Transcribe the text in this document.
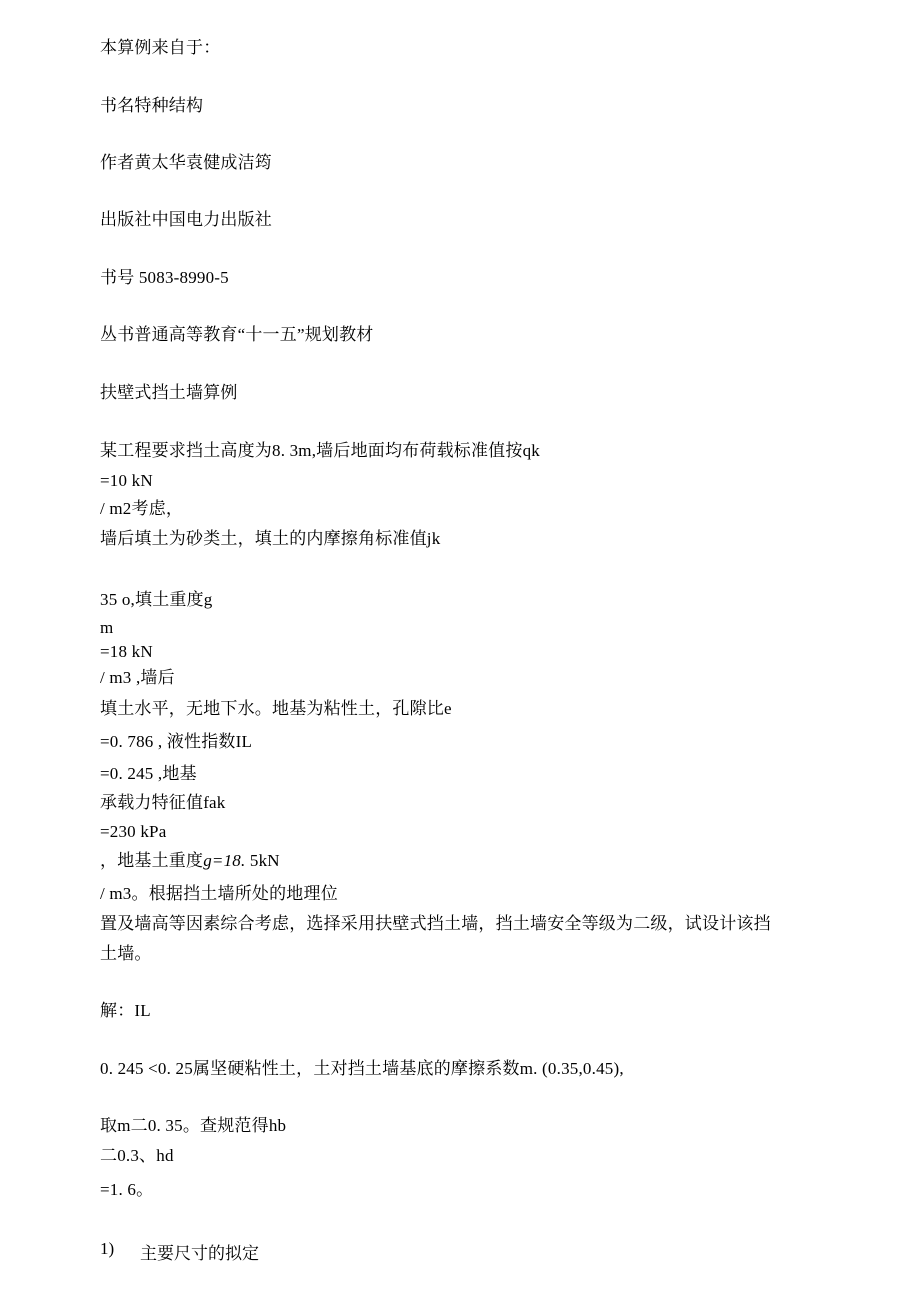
本算例来自于：
书名特种结构
作者黄太华袁健成洁筠
出版社中国电力出版社
书号 5083-8990-5
丛书普通高等教育“十一五”规划教材
扶壁式挡土墙算例
某工程要求挡土高度为8. 3m,墙后地面均布荷载标准值按qk
=10 kN
/ m2考虑，
墙后填土为砂类土，填土的内摩擦角标准值jk
35 o,填土重度g
m
=18 kN
/ m3 ,墙后
填土水平，无地下水。地基为粘性土，孔隙比e
=0. 786 , 液性指数IL
=0. 245 ,地基
承载力特征值fak
=230 kPa
，地基土重度g=18. 5kN
/ m3。根据挡土墙所处的地理位
置及墙高等因素综合考虑，选择采用扶壁式挡土墙，挡土墙安全等级为二级，试设计该挡土墙。
解：IL
0. 245 <0. 25属坚硬粘性土，土对挡土墙基底的摩擦系数m. (0.35,0.45),
取m二0. 35。查规范得hb
二0.3、hd
=1. 6。
1) 主要尺寸的拟定
